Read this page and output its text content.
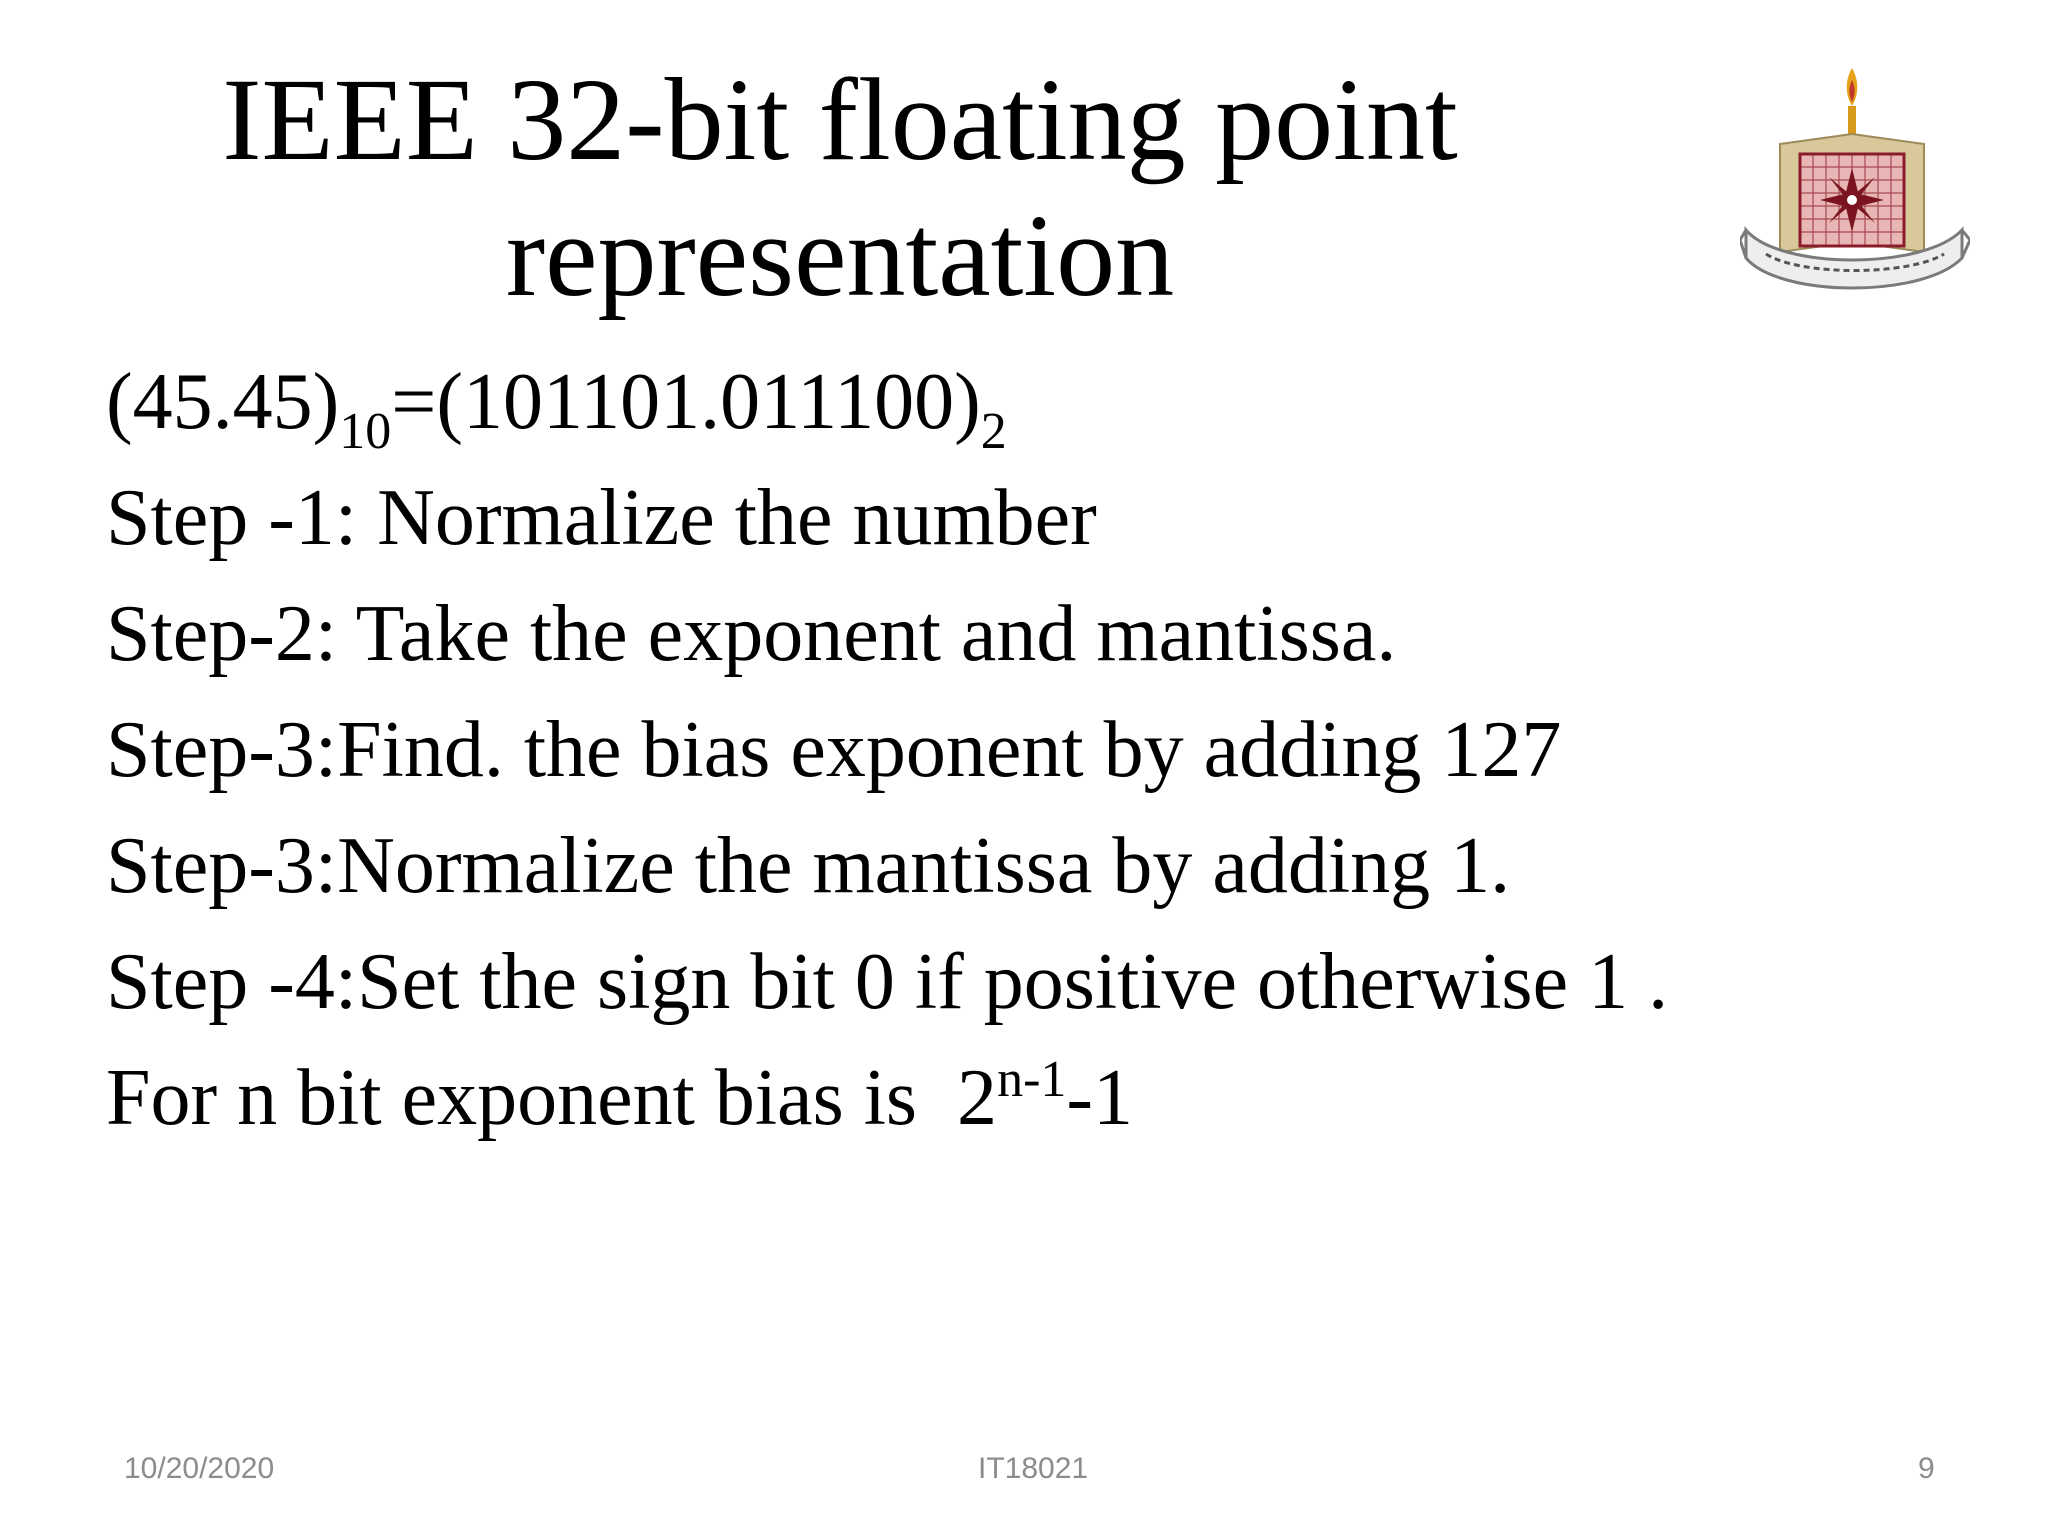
IEEE 32-bit floating point
representation
$(45.45)_{10}=(101101.011100)_2$
Step -1: Normalize the number
Step-2: Take the exponent and mantissa.
Step-3:Find. the bias exponent by adding 127
Step-3:Normalize the mantissa by adding 1.
Step -4:Set the sign bit 0 if positive otherwise 1 .
For n bit exponent bias is  2$^{n-1}$-1
10/20/2020	IT18021	9
